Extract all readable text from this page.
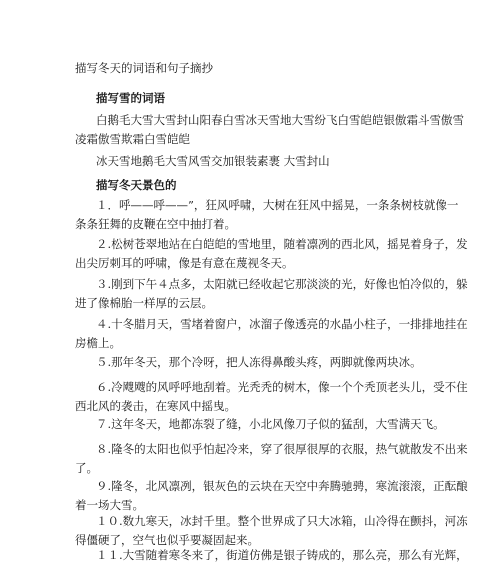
描写冬天的词语和句子摘抄
描写雪的词语
白鹅毛大雪大雪封山阳春白雪冰天雪地大雪纷飞白雪皑皑银傲霜斗雪傲雪
凌霜傲雪欺霜白雪皑皑
冰天雪地鹅毛大雪风雪交加银装素裹 大雪封山
描写冬天景色的
１．呼——呼——”，狂风呼啸，大树在狂风中摇晃，一条条树枝就像一
条条狂舞的皮鞭在空中抽打着。
２.松树苍翠地站在白皑皑的雪地里，随着凛冽的西北风，摇晃着身子，发
出尖厉刺耳的呼啸，像是有意在蔑视冬天。
３.刚到下午４点多，太阳就已经收起它那淡淡的光，好像也怕冷似的，躲
进了像棉胎一样厚的云层。
４.十冬腊月天，雪堵着窗户，冰溜子像透亮的水晶小柱子，一排排地挂在
房檐上。
５.那年冬天，那个冷呀，把人冻得鼻酸头疼，两脚就像两块冰。
６.冷飕飕的风呼呼地刮着。光秃秃的树木，像一个个秃顶老头儿，受不住
西北风的袭击，在寒风中摇曳。
７.这年冬天，地都冻裂了缝，小北风像刀子似的猛刮，大雪满天飞。
８.隆冬的太阳也似乎怕起冷来，穿了很厚很厚的衣服，热气就散发不出来
了。
９.隆冬，北风凛冽，银灰色的云块在天空中奔腾驰骋，寒流滚滚，正酝酿
着一场大雪。
１０.数九寒天，冰封千里。整个世界成了只大冰箱，山冷得在颤抖，河冻
得僵硬了，空气也似乎要凝固起来。
１１.大雪随着寒冬来了，街道仿佛是银子铸成的，那么亮，那么有光辉，
